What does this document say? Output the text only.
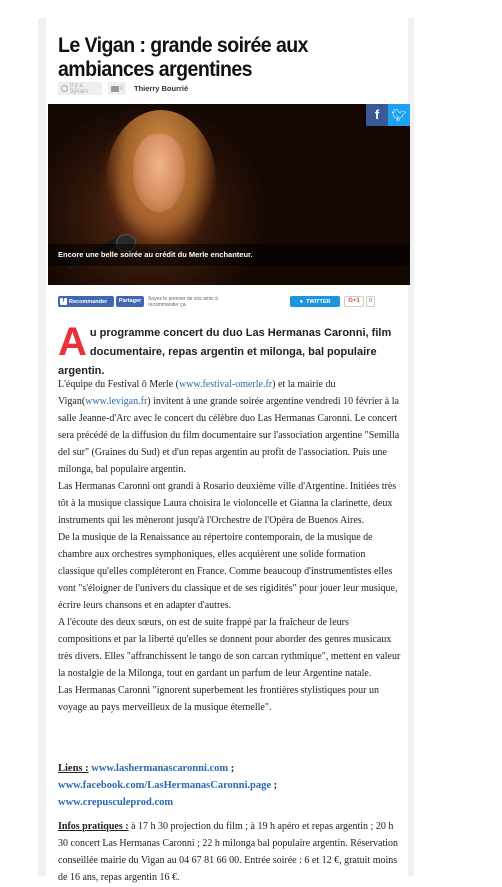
Le Vigan : grande soirée aux ambiances argentines
Il y a 5years	0 Thierry Bourrié
f	🐦︎
Encore une belle soirée au crédit du Merle enchanteur.
f Recommander	Partager	Soyez le premier de vos amis à recommander ça.
● TWITTER	G+1	0
A u programme concert du duo Las Hermanas Caronni, film documentaire, repas argentin et milonga, bal populaire argentin.

L'équipe du Festival ô Merle (www.festival-omerle.fr) et la mairie du Vigan(www.levigan.fr) invitent à une grande soirée argentine vendredi 10 février à la salle Jeanne-d'Arc avec le concert du célèbre duo Las Hermanas Caronni. Le concert sera précédé de la diffusion du film documentaire sur l'association argentine "Semilla del sur" (Graines du Sud) et d'un repas argentin au profit de l'association. Puis une milonga, bal populaire argentin.

Las Hermanas Caronni ont grandi à Rosario deuxième ville d'Argentine. Initiées très tôt à la musique classique Laura choisira le violoncelle et Gianna la clarinette, deux instruments qui les mèneront jusqu'à l'Orchestre de l'Opéra de Buenos Aires.

De la musique de la Renaissance au répertoire contemporain, de la musique de chambre aux orchestres symphoniques, elles acquièrent une solide formation classique qu'elles compléteront en France. Comme beaucoup d'instrumentistes elles vont "s'éloigner de l'univers du classique et de ses rigidités" pour jouer leur musique, écrire leurs chansons et en adapter d'autres.

A l'écoute des deux sœurs, on est de suite frappé par la fraîcheur de leurs compositions et par la liberté qu'elles se donnent pour aborder des genres musicaux très divers. Elles "affranchissent le tango de son carcan rythmique", mettent en valeur la nostalgie de la Milonga, tout en gardant un parfum de leur Argentine natale.

Las Hermanas Caronni "ignorent superbement les frontières stylistiques pour un voyage au pays merveilleux de la musique éternelle".

Liens : www.lashermanascaronni.com ;
www.facebook.com/LasHermanasCaronni.page ;
www.crepusculeprod.com
Infos pratiques : à 17 h 30 projection du film ; à 19 h apéro et repas argentin ; 20 h 30 concert Las Hermanas Caronni ; 22 h milonga bal populaire argentin. Réservation conseillée mairie du Vigan au 04 67 81 66 00. Entrée soirée : 6 et 12 €, gratuit moins de 16 ans, repas argentin 16 €.
